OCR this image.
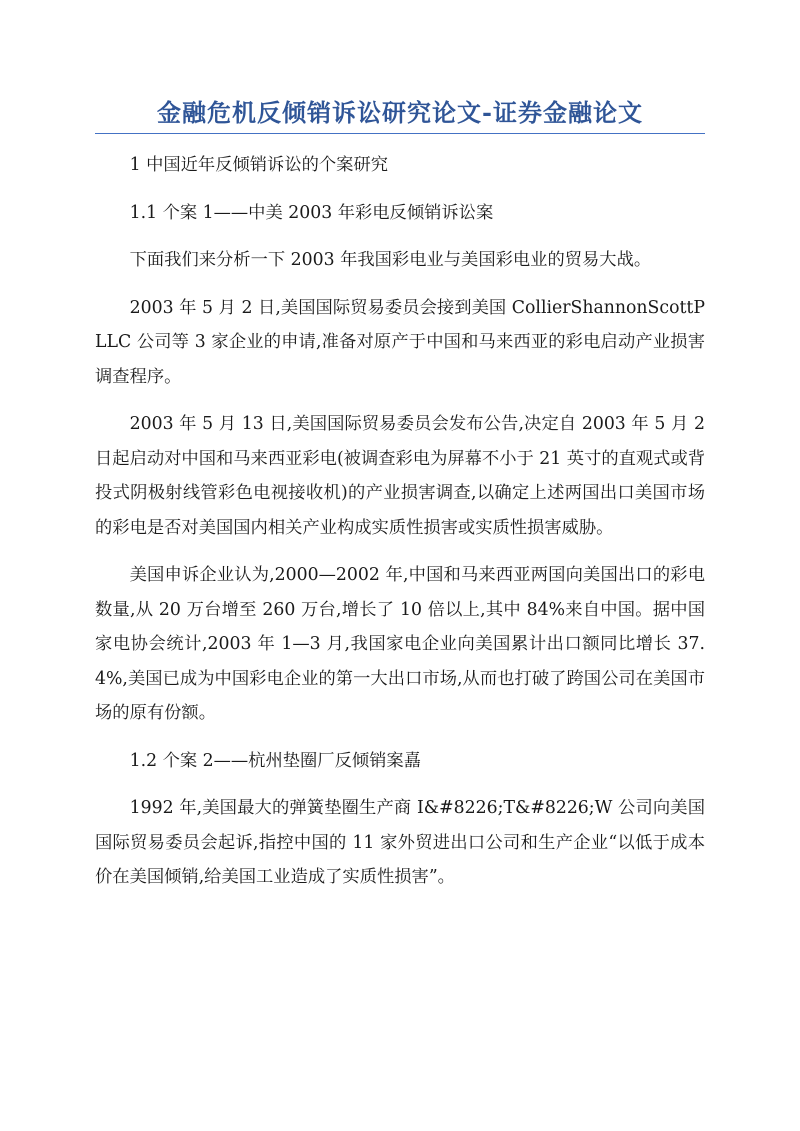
金融危机反倾销诉讼研究论文-证券金融论文

1 中国近年反倾销诉讼的个案研究

1.1 个案 1——中美 2003 年彩电反倾销诉讼案

下面我们来分析一下 2003 年我国彩电业与美国彩电业的贸易大战。

2003 年 5 月 2 日,美国国际贸易委员会接到美国 CollierShannonScottPLLC 公司等 3 家企业的申请,准备对原产于中国和马来西亚的彩电启动产业损害调查程序。

2003 年 5 月 13 日,美国国际贸易委员会发布公告,决定自 2003 年 5 月 2 日起启动对中国和马来西亚彩电(被调查彩电为屏幕不小于 21 英寸的直观式或背投式阴极射线管彩色电视接收机)的产业损害调查,以确定上述两国出口美国市场的彩电是否对美国国内相关产业构成实质性损害或实质性损害威胁。

美国申诉企业认为,2000—2002 年,中国和马来西亚两国向美国出口的彩电数量,从 20 万台增至 260 万台,增长了 10 倍以上,其中 84%来自中国。据中国家电协会统计,2003 年 1—3 月,我国家电企业向美国累计出口额同比增长 37.4%,美国已成为中国彩电企业的第一大出口市场,从而也打破了跨国公司在美国市场的原有份额。

1.2 个案 2——杭州垫圈厂反倾销案嚞

1992 年,美国最大的弹簧垫圈生产商 I&#8226;T&#8226;W 公司向美国国际贸易委员会起诉,指控中国的 11 家外贸进出口公司和生产企业“以低于成本价在美国倾销,给美国工业造成了实质性损害”。
